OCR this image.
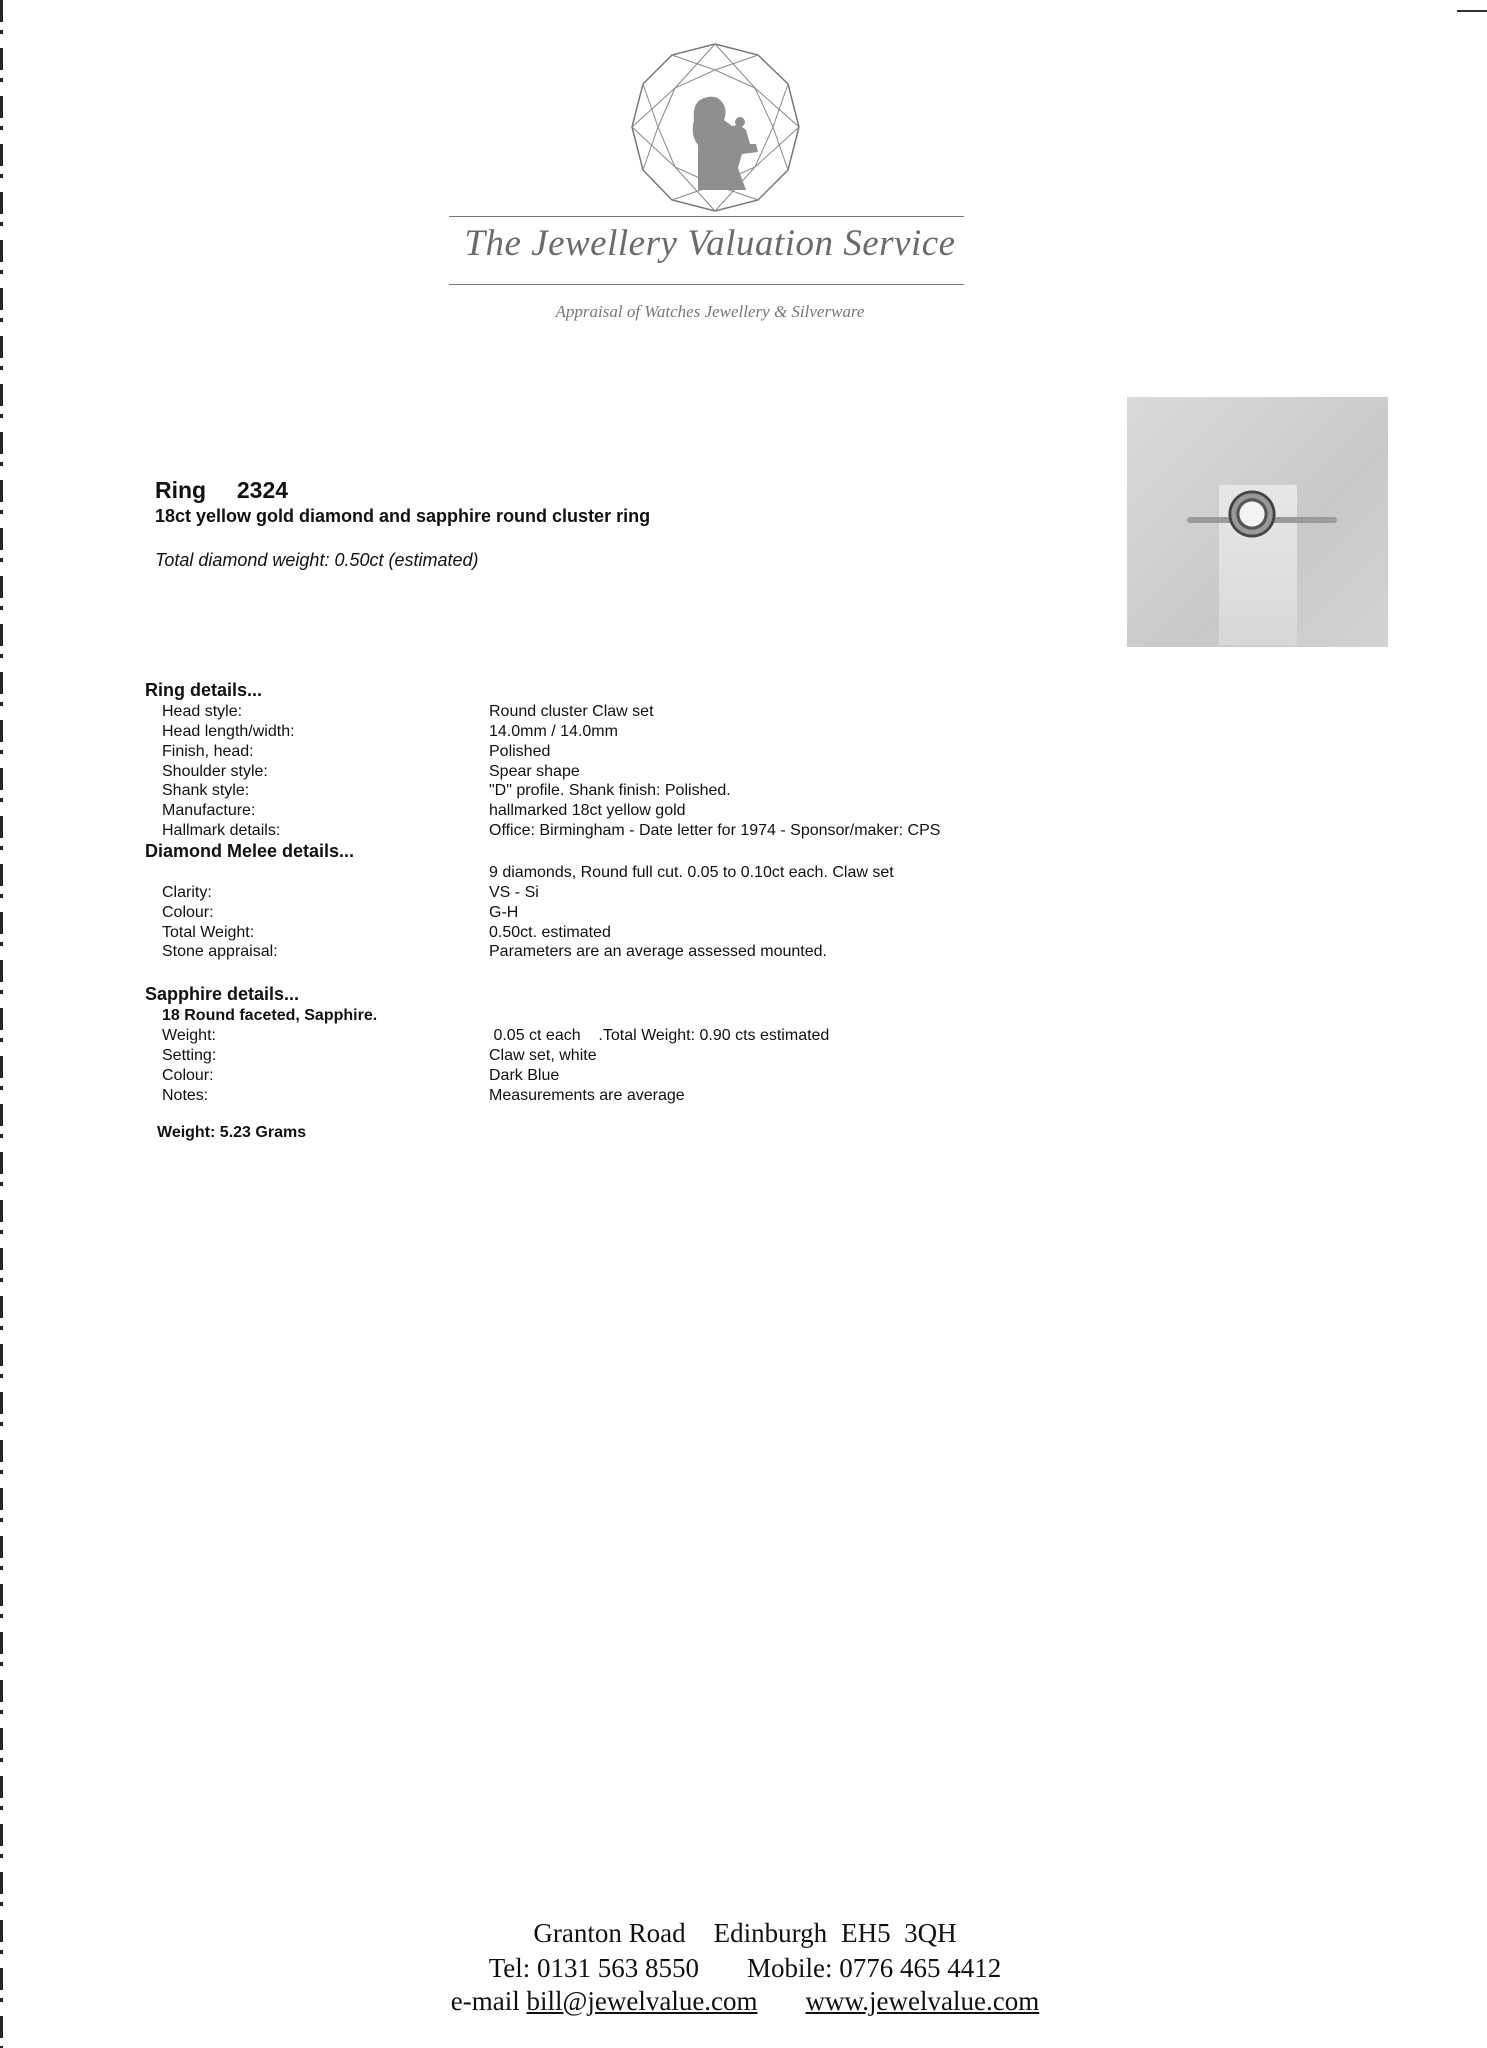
The Jewellery Valuation Service
Appraisal of Watches Jewellery & Silverware
Ring 2324
18ct yellow gold diamond and sapphire round cluster ring
Total diamond weight: 0.50ct (estimated)
Ring details...
Head style:	Round cluster Claw set
Head length/width:	14.0mm / 14.0mm
Finish, head:	Polished
Shoulder style:	Spear shape
Shank style:	"D" profile. Shank finish: Polished.
Manufacture:	hallmarked 18ct yellow gold
Hallmark details:	Office: Birmingham - Date letter for 1974 - Sponsor/maker: CPS
Diamond Melee details...
9 diamonds, Round full cut. 0.05 to 0.10ct each. Claw set
Clarity:	VS - Si
Colour:	G-H
Total Weight:	0.50ct. estimated
Stone appraisal:	Parameters are an average assessed mounted.
Sapphire details...
18 Round faceted, Sapphire.
Weight:	0.05 ct each    .Total Weight: 0.90 cts estimated
Setting:	Claw set, white
Colour:	Dark Blue
Notes:	Measurements are average
Weight: 5.23 Grams
Granton Road Edinburgh EH5  3QH
Tel: 0131 563 8550 Mobile: 0776 465 4412
e-mail bill@jewelvalue.com www.jewelvalue.com
